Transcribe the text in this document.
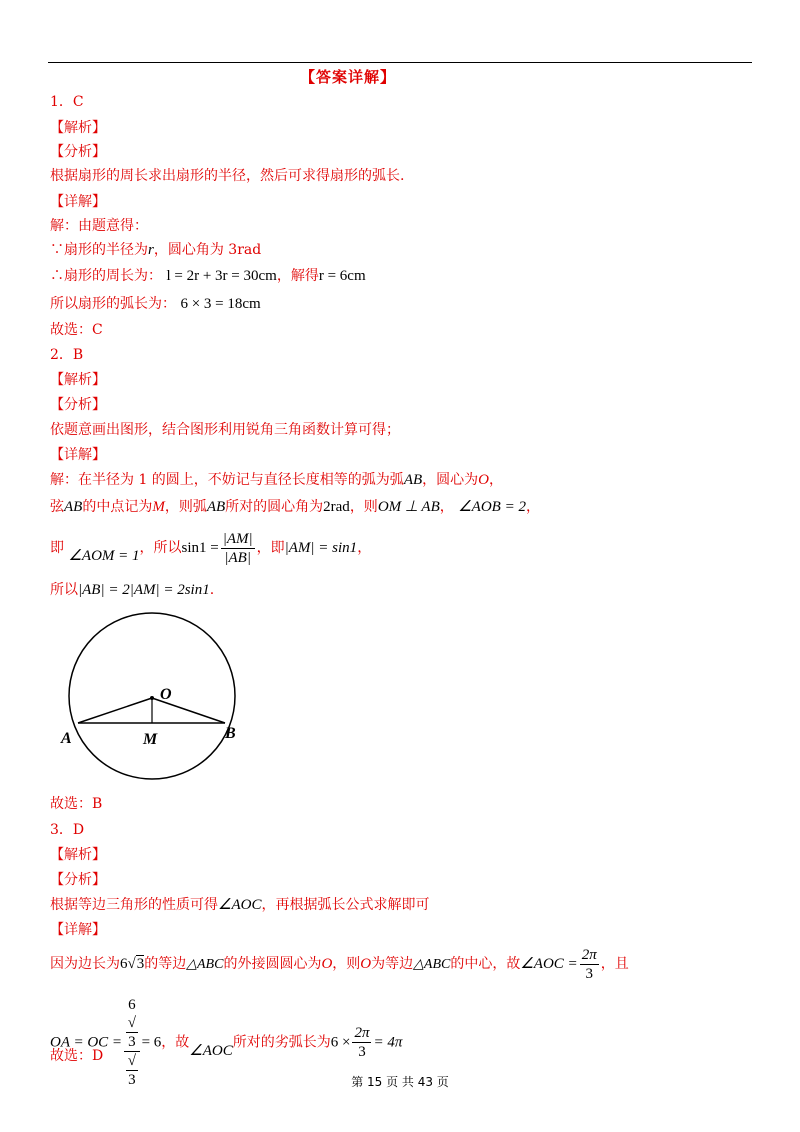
【答案详解】
1．C
【解析】
【分析】
根据扇形的周长求出扇形的半径，然后可求得扇形的弧长.
【详解】
解：由题意得：
∵扇形的半径为r，圆心角为 3rad
∴扇形的周长为： l = 2r + 3r = 30cm，解得r = 6cm
所以扇形的弧长为： 6 × 3 = 18cm
故选：C
2．B
【解析】
【分析】
依题意画出图形，结合图形利用锐角三角函数计算可得；
【详解】
解：在半径为 1 的圆上，不妨记与直径长度相等的弧为弧AB，圆心为O，
弦AB的中点记为M，则弧AB所对的圆心角为2rad，则OM ⊥ AB， ∠AOB = 2，
即 ∠AOM = 1，所以$\sin 1 = \frac{|AM|}{|AB|}$ ，即|AM| = sin1，
所以|AB| = 2|AM| = 2sin1.
O
A	B
M
故选：B
3．D
【解析】
【分析】
根据等边三角形的性质可得∠AOC，再根据弧长公式求解即可
【详解】
因为边长为6√3的等边△ABC的外接圆圆心为O，则O为等边△ABC的中心，故∠AOC = $\frac{2\pi}{3}$ ，且
OA = OC = 6
√
3
√
3 = 6，故∠AOC所对的劣弧长为$6 \times \frac{2\pi}{3} = 4\pi$
故选：D
第 15 页 共 43 页
